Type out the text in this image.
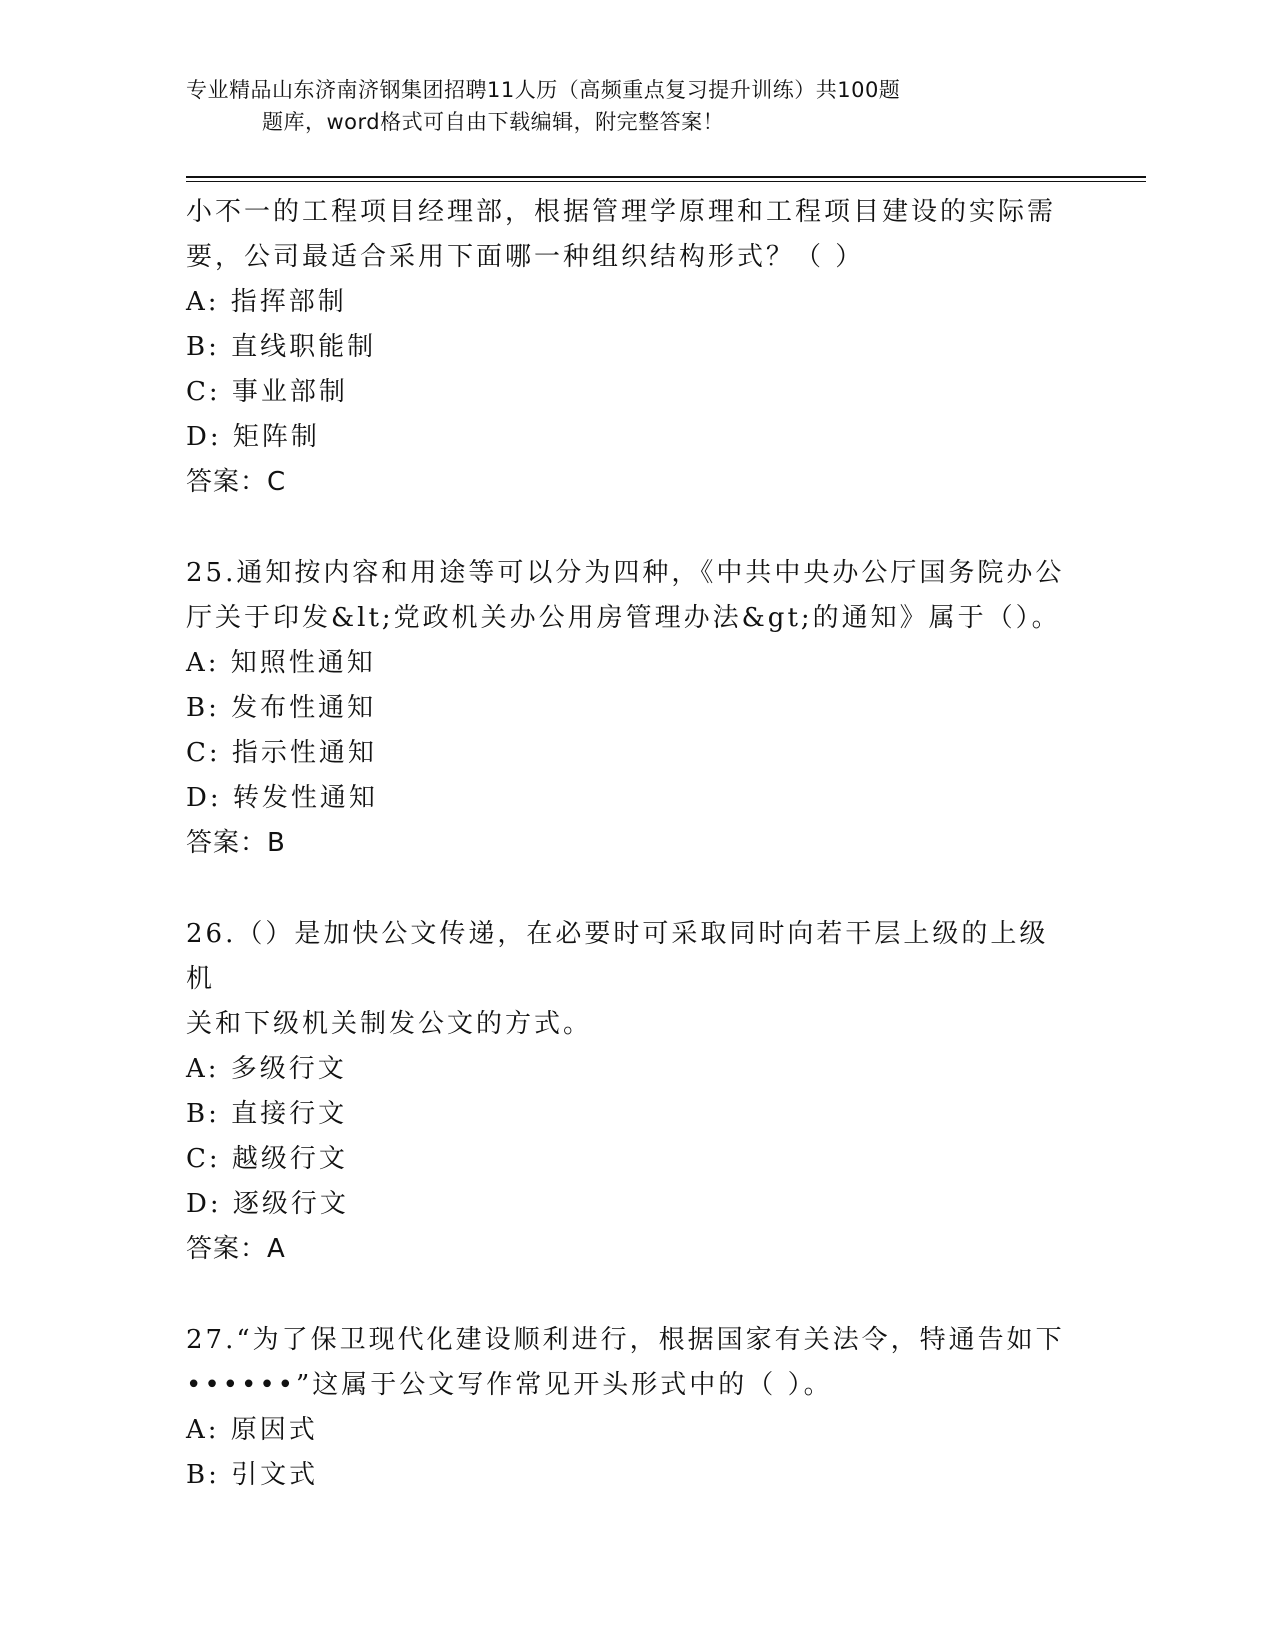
专业精品山东济南济钢集团招聘11人历（高频重点复习提升训练）共100题
题库，word格式可自由下载编辑，附完整答案！

小不一的工程项目经理部，根据管理学原理和工程项目建设的实际需

要，公司最适合采用下面哪一种组织结构形式？（ ）

A: 指挥部制

B: 直线职能制

C: 事业部制

D: 矩阵制

答案：C

25.通知按内容和用途等可以分为四种，《中共中央办公厅国务院办公

厅关于印发&lt;党政机关办公用房管理办法&gt;的通知》属于（）。

A: 知照性通知

B: 发布性通知

C: 指示性通知

D: 转发性通知

答案：B

26.（）是加快公文传递，在必要时可采取同时向若干层上级的上级机

关和下级机关制发公文的方式。

A: 多级行文

B: 直接行文

C: 越级行文

D: 逐级行文

答案：A

27.“为了保卫现代化建设顺利进行，根据国家有关法令，特通告如下

••••••”这属于公文写作常见开头形式中的（ ）。

A: 原因式

B: 引文式
